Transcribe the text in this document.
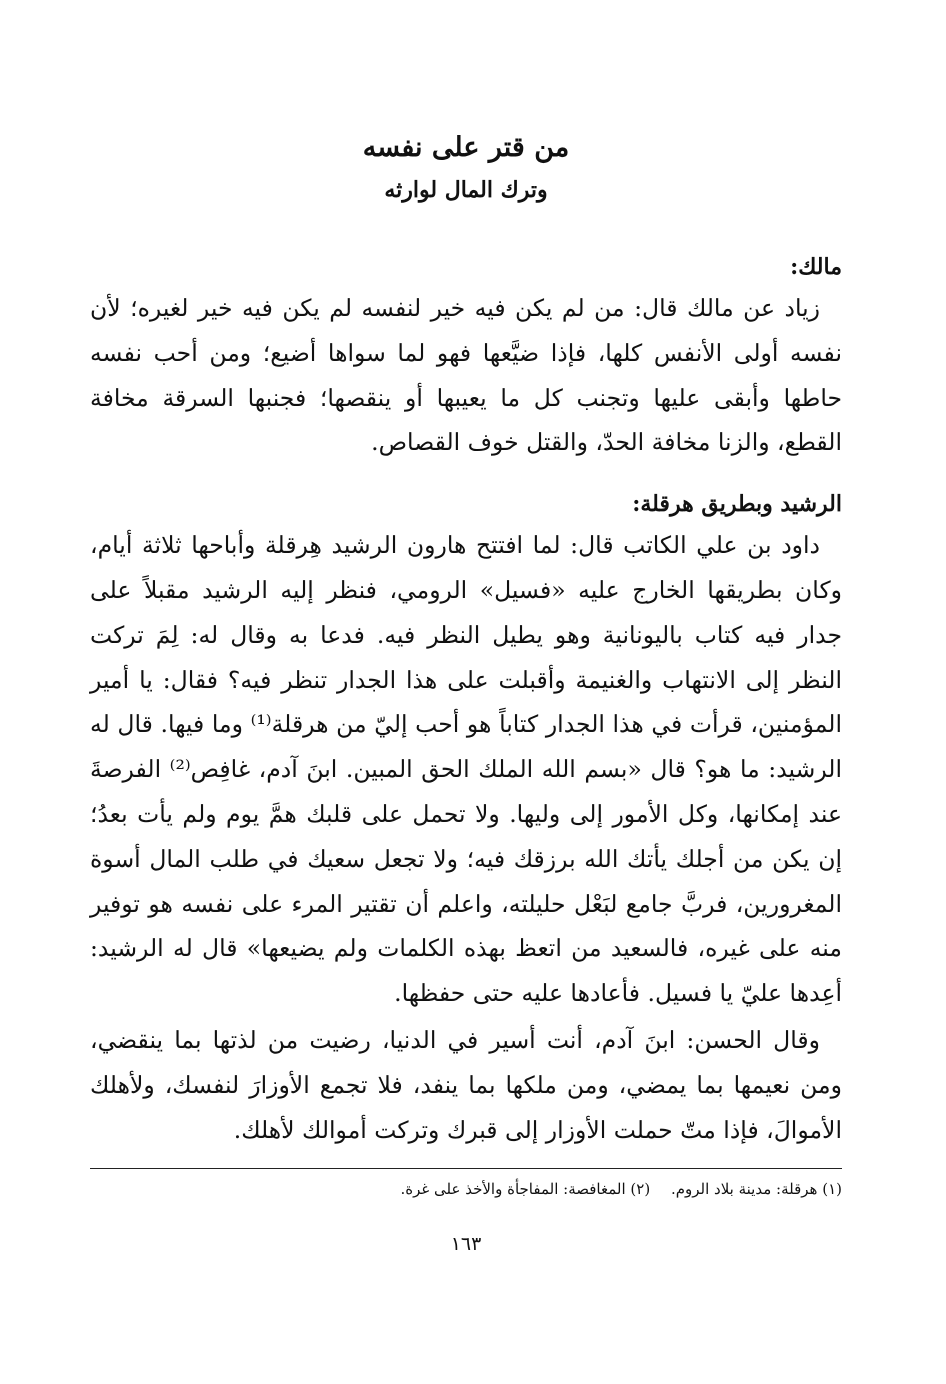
من قتر على نفسه
وترك المال لوارثه
مالك:

زياد عن مالك قال: من لم يكن فيه خير لنفسه لم يكن فيه خير لغيره؛ لأن نفسه أولى الأنفس كلها، فإذا ضيَّعها فهو لما سواها أضيع؛ ومن أحب نفسه حاطها وأبقى عليها وتجنب كل ما يعيبها أو ينقصها؛ فجنبها السرقة مخافة القطع، والزنا مخافة الحدّ، والقتل خوف القصاص.

الرشيد وبطريق هرقلة:

داود بن علي الكاتب قال: لما افتتح هارون الرشيد هِرقلة وأباحها ثلاثة أيام، وكان بطريقها الخارج عليه «فسيل» الرومي، فنظر إليه الرشيد مقبلاً على جدار فيه كتاب باليونانية وهو يطيل النظر فيه. فدعا به وقال له: لِمَ تركت النظر إلى الانتهاب والغنيمة وأقبلت على هذا الجدار تنظر فيه؟ فقال: يا أمير المؤمنين، قرأت في هذا الجدار كتاباً هو أحب إليّ من هرقلة⁽¹⁾ وما فيها. قال له الرشيد: ما هو؟ قال «بسم الله الملك الحق المبين. ابنَ آدم، غافِص⁽²⁾ الفرصةَ عند إمكانها، وكل الأمور إلى وليها. ولا تحمل على قلبك همَّ يوم ولم يأت بعدُ؛ إن يكن من أجلك يأتك الله برزقك فيه؛ ولا تجعل سعيك في طلب المال أسوة المغرورين، فربَّ جامع لبَعْل حليلته، واعلم أن تقتير المرء على نفسه هو توفير منه على غيره، فالسعيد من اتعظ بهذه الكلمات ولم يضيعها» قال له الرشيد: أعِدها عليّ يا فسيل. فأعادها عليه حتى حفظها.

وقال الحسن: ابنَ آدم، أنت أسير في الدنيا، رضيت من لذتها بما ينقضي، ومن نعيمها بما يمضي، ومن ملكها بما ينفد، فلا تجمع الأوزارَ لنفسك، ولأهلك الأموالَ، فإذا متّ حملت الأوزار إلى قبرك وتركت أموالك لأهلك.

(١) هرقلة: مدينة بلاد الروم. (٢) المغافصة: المفاجأة والأخذ على غرة.
١٦٣
